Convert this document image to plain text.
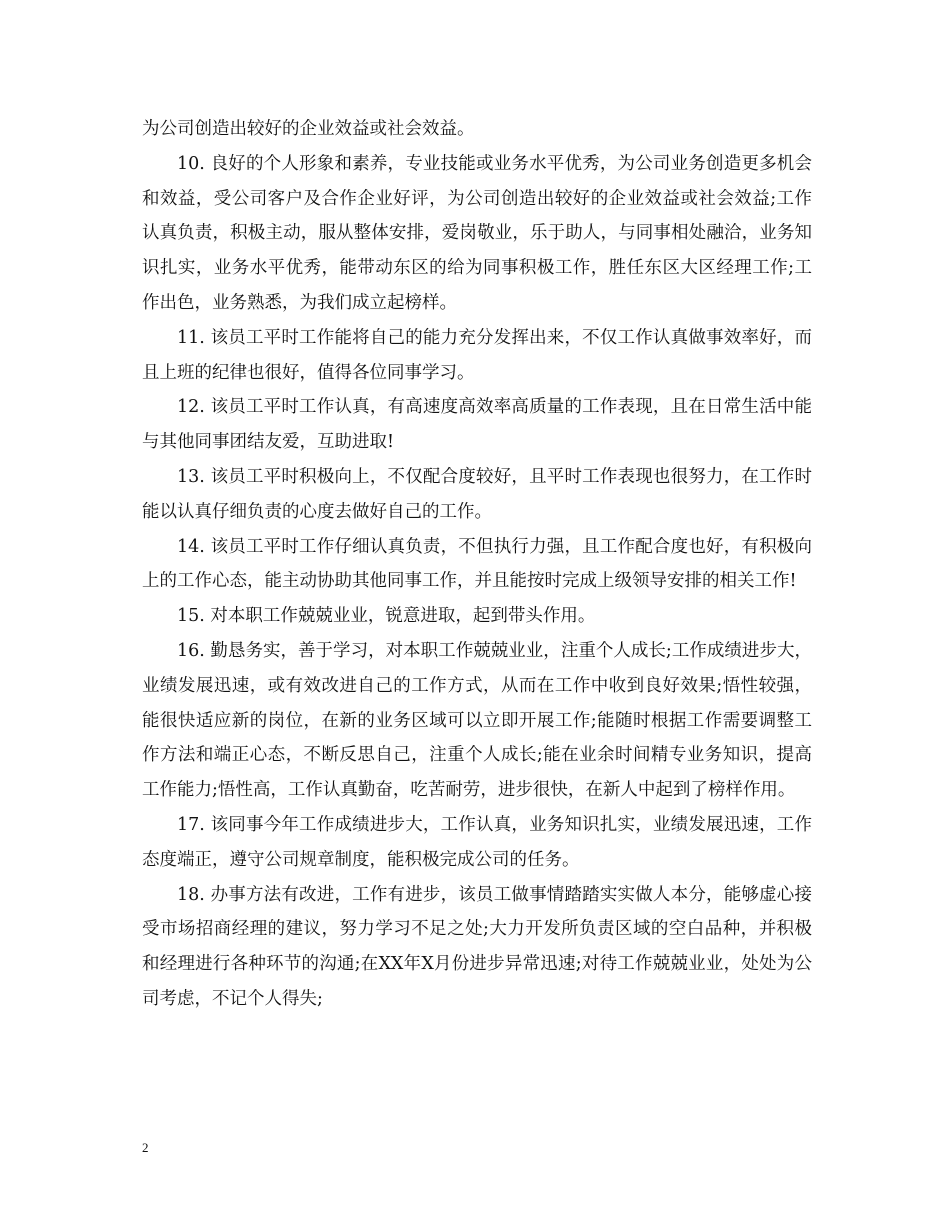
为公司创造出较好的企业效益或社会效益。

10. 良好的个人形象和素养，专业技能或业务水平优秀，为公司业务创造更多机会和效益，受公司客户及合作企业好评，为公司创造出较好的企业效益或社会效益;工作认真负责，积极主动，服从整体安排，爱岗敬业，乐于助人，与同事相处融洽，业务知识扎实，业务水平优秀，能带动东区的给为同事积极工作，胜任东区大区经理工作;工作出色，业务熟悉，为我们成立起榜样。

11. 该员工平时工作能将自己的能力充分发挥出来，不仅工作认真做事效率好，而且上班的纪律也很好，值得各位同事学习。

12. 该员工平时工作认真，有高速度高效率高质量的工作表现，且在日常生活中能与其他同事团结友爱，互助进取!

13. 该员工平时积极向上，不仅配合度较好，且平时工作表现也很努力，在工作时能以认真仔细负责的心度去做好自己的工作。

14. 该员工平时工作仔细认真负责，不但执行力强，且工作配合度也好，有积极向上的工作心态，能主动协助其他同事工作，并且能按时完成上级领导安排的相关工作!

15. 对本职工作兢兢业业，锐意进取，起到带头作用。

16. 勤恳务实，善于学习，对本职工作兢兢业业，注重个人成长;工作成绩进步大，业绩发展迅速，或有效改进自己的工作方式，从而在工作中收到良好效果;悟性较强，能很快适应新的岗位，在新的业务区域可以立即开展工作;能随时根据工作需要调整工作方法和端正心态，不断反思自己，注重个人成长;能在业余时间精专业务知识，提高工作能力;悟性高，工作认真勤奋，吃苦耐劳，进步很快，在新人中起到了榜样作用。

17. 该同事今年工作成绩进步大，工作认真，业务知识扎实，业绩发展迅速，工作态度端正，遵守公司规章制度，能积极完成公司的任务。

18. 办事方法有改进，工作有进步，该员工做事情踏踏实实做人本分，能够虚心接受市场招商经理的建议，努力学习不足之处;大力开发所负责区域的空白品种，并积极和经理进行各种环节的沟通;在XX年X月份进步异常迅速;对待工作兢兢业业，处处为公司考虑，不记个人得失;

2
